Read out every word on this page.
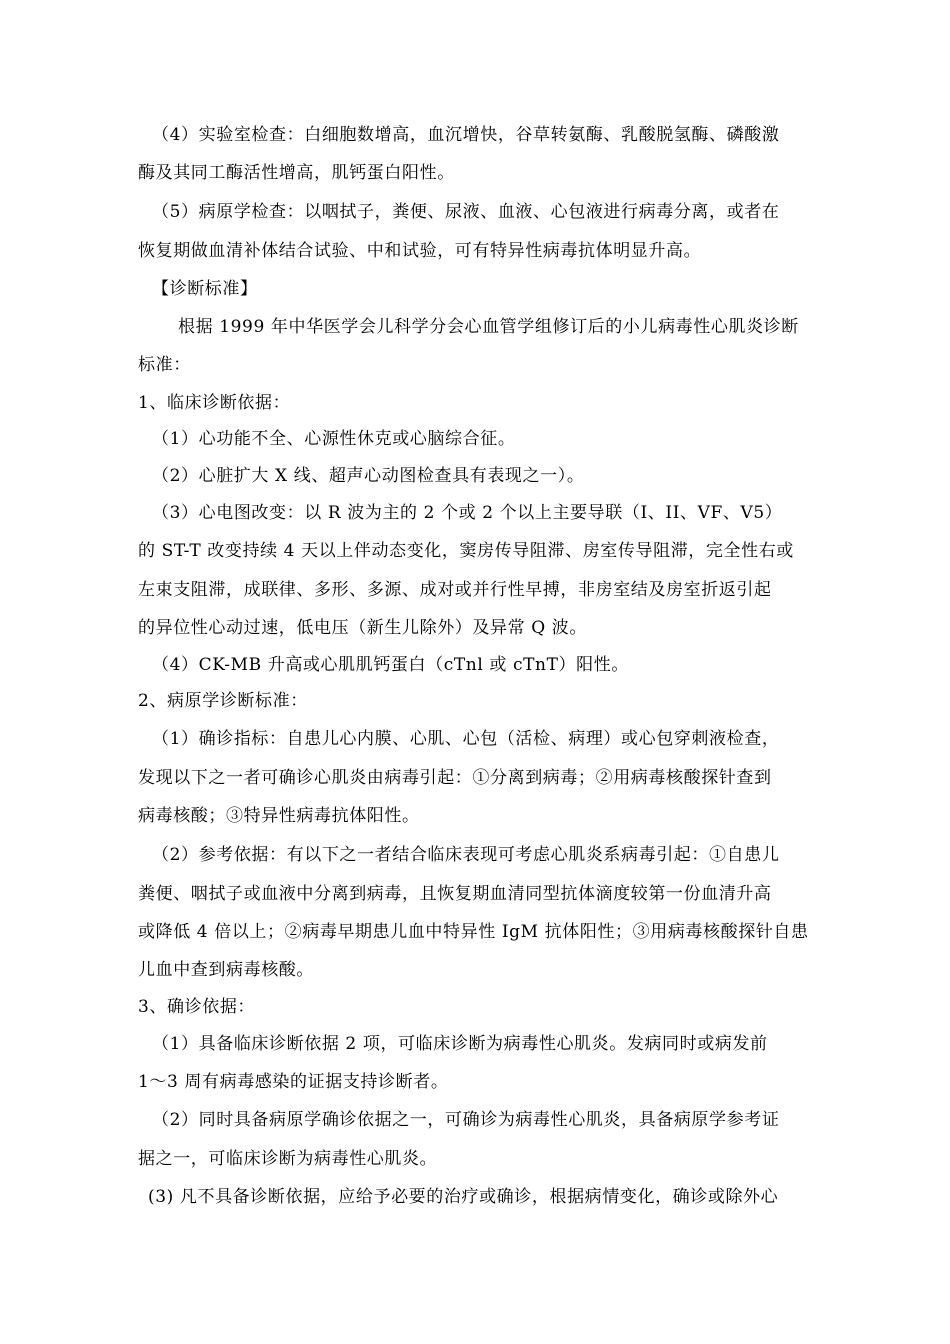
（4）实验室检查：白细胞数增高，血沉增快，谷草转氨酶、乳酸脱氢酶、磷酸激
酶及其同工酶活性增高，肌钙蛋白阳性。
（5）病原学检查：以咽拭子，粪便、尿液、血液、心包液进行病毒分离，或者在
恢复期做血清补体结合试验、中和试验，可有特异性病毒抗体明显升高。
【诊断标准】
根据 1999 年中华医学会儿科学分会心血管学组修订后的小儿病毒性心肌炎诊断
标准：
1、临床诊断依据：
（1）心功能不全、心源性休克或心脑综合征。
（2）心脏扩大 X 线、超声心动图检查具有表现之一）。
（3）心电图改变：以 R 波为主的 2 个或 2 个以上主要导联（I、II、VF、V5）
的 ST-T 改变持续 4 天以上伴动态变化，窦房传导阻滞、房室传导阻滞，完全性右或
左束支阻滞，成联律、多形、多源、成对或并行性早搏，非房室结及房室折返引起
的异位性心动过速，低电压（新生儿除外）及异常 Q 波。
（4）CK-MB 升高或心肌肌钙蛋白（cTnl 或 cTnT）阳性。
2、病原学诊断标准：
（1）确诊指标：自患儿心内膜、心肌、心包（活检、病理）或心包穿刺液检查，
发现以下之一者可确诊心肌炎由病毒引起：①分离到病毒；②用病毒核酸探针查到
病毒核酸；③特异性病毒抗体阳性。
（2）参考依据：有以下之一者结合临床表现可考虑心肌炎系病毒引起：①自患儿
粪便、咽拭子或血液中分离到病毒，且恢复期血清同型抗体滴度较第一份血清升高
或降低 4 倍以上；②病毒早期患儿血中特异性 IgM 抗体阳性；③用病毒核酸探针自患
儿血中查到病毒核酸。
3、确诊依据：
（1）具备临床诊断依据 2 项，可临床诊断为病毒性心肌炎。发病同时或病发前
1～3 周有病毒感染的证据支持诊断者。
（2）同时具备病原学确诊依据之一，可确诊为病毒性心肌炎，具备病原学参考证
据之一，可临床诊断为病毒性心肌炎。
(3) 凡不具备诊断依据，应给予必要的治疗或确诊，根据病情变化，确诊或除外心
